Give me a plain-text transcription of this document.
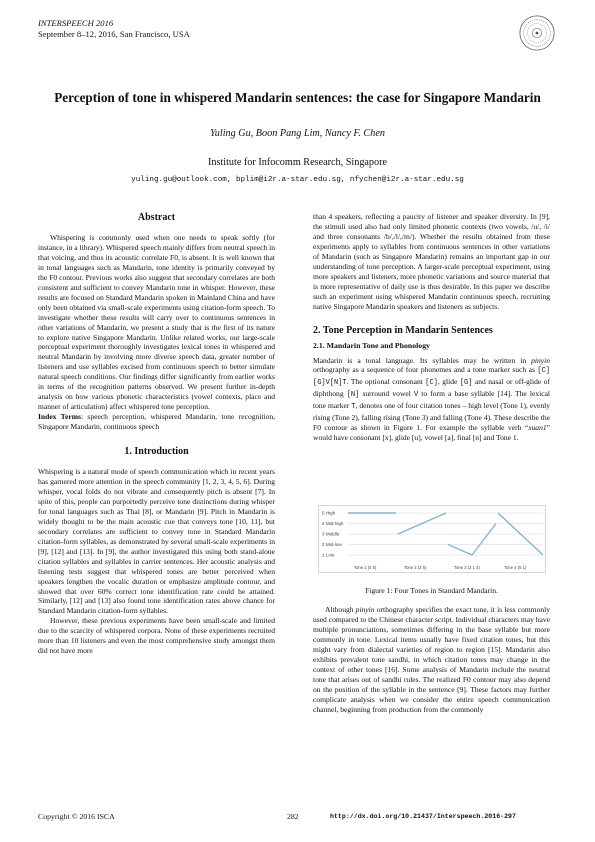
INTERSPEECH 2016
September 8–12, 2016, San Francisco, USA
Perception of tone in whispered Mandarin sentences: the case for Singapore Mandarin
Yuling Gu, Boon Pang Lim, Nancy F. Chen
Institute for Infocomm Research, Singapore
yuling.gu@outlook.com, bplim@i2r.a-star.edu.sg, nfychen@i2r.a-star.edu.sg
Abstract

Whispering is commonly used when one needs to speak softly (for instance, in a library). Whispered speech mainly differs from neutral speech in that voicing, and thus its acoustic correlate F0, is absent. It is well known that in tonal languages such as Mandarin, tone identity is primarily conveyed by the F0 contour. Previous works also suggest that secondary correlates are both consistent and sufficient to convey Mandarin tone in whisper. However, these results are focused on Standard Mandarin spoken in Mainland China and have only been obtained via small-scale experiments using citation-form speech. To investigate whether these results will carry over to continuous sentences in other variations of Mandarin, we present a study that is the first of its nature to explore native Singapore Mandarin. Unlike related works, our large-scale perceptual experiment thoroughly investigates lexical tones in whispered and neutral Mandarin by involving more diverse speech data, greater number of listeners and use syllables excised from continuous speech to better simulate natural speech conditions. Our findings differ significantly from earlier works in terms of the recognition patterns observed. We present further in-depth analysis on how various phonetic characteristics (vowel contexts, place and manner of articulation) affect whispered tone perception.

Index Terms: speech perception, whispered Mandarin, tone recognition, Singapore Mandarin, continuous speech

1. Introduction

Whispering is a natural mode of speech communication which in recent years has garnered more attention in the speech community [1, 2, 3, 4, 5, 6]. During whisper, vocal folds do not vibrate and consequently pitch is absent [7]. In spite of this, people can purportedly perceive tone distinctions during whisper for tonal languages such as Thai [8], or Mandarin [9]. Pitch in Mandarin is widely thought to be the main acoustic cue that conveys tone [10, 11], but secondary correlates are sufficient to convey tone in Standard Mandarin citation-form syllables, as demonstrated by several small-scale experiments in [9], [12] and [13]. In [9], the author investigated this using both stand-alone citation syllables and syllables in carrier sentences. Her acoustic analysis and listening tests suggest that whispered tones are better perceived when speakers lengthen the vocalic duration or emphasize amplitude contour, and showed that over 60% correct tone identification rate could be attained. Similarly, [12] and [13] also found tone identification rates above chance for Standard Mandarin citation-form syllables.

However, these previous experiments have been small-scale and limited due to the scarcity of whispered corpora. None of these experiments recruited more than 10 listeners and even the most comprehensive study amongst them did not have more

than 4 speakers, reflecting a paucity of listener and speaker diversity. In [9], the stimuli used also had only limited phonetic contexts (two vowels, /u/, /i/ and three consonants /b/,/l/,/m/). Whether the results obtained from these experiments apply to syllables from continuous sentences in other variations of Mandarin (such as Singapore Mandarin) remains an important gap in our understanding of tone perception. A larger-scale perceptual experiment, using more speakers and listeners, more phonetic variations and source material that is more representative of daily use is thus desirable. In this paper we describe such an experiment using whispered Mandarin continuous speech, recruiting native Singapore Mandarin speakers and listeners as subjects.

2. Tone Perception in Mandarin Sentences
2.1. Mandarin Tone and Phonology

Mandarin is a tonal language. Its syllables may be written in pinyin orthography as a sequence of four phonemes and a tone marker such as [C][G]V[N]T. The optional consonant [C], glide [G] and nasal or off-glide of diphthong [N] surround vowel V to form a base syllable [14]. The lexical tone marker T, denotes one of four citation tones – high level (Tone 1), evenly rising (Tone 2), falling rising (Tone 3) and falling (Tone 4). These describe the F0 contour as shown in Figure 1. For example the syllable verb “xuan1” would have consonant [x], glide [u], vowel [a], final [n] and Tone 1.

5 High
4 Mid-high
3 Middle
2 Mid-low
1 Low
Tone 1 (5 5)	Tone 2 (3 5)	Tone 3 (2 1 4)	Tone 4 (5 1)
Figure 1: Four Tones in Standard Mandarin.

Although pinyin orthography specifies the exact tone, it is less commonly used compared to the Chinese character script. Individual characters may have multiple pronunciations, sometimes differing in the base syllable but more commonly in tone. Lexical items usually have fixed citation tones, but this might vary from dialectal varieties of region to region [15]. Mandarin also exhibits prevalent tone sandhi, in which citation tones may change in the context of other tones [16]. Some analysis of Mandarin include the neutral tone that arises out of sandhi rules. The realized F0 contour may also depend on the position of the syllable in the sentence [9]. These factors may further complicate analysis when we consider the entire speech communication channel, beginning from production from the commonly

Copyright © 2016 ISCA	282	http://dx.doi.org/10.21437/Interspeech.2016-297
